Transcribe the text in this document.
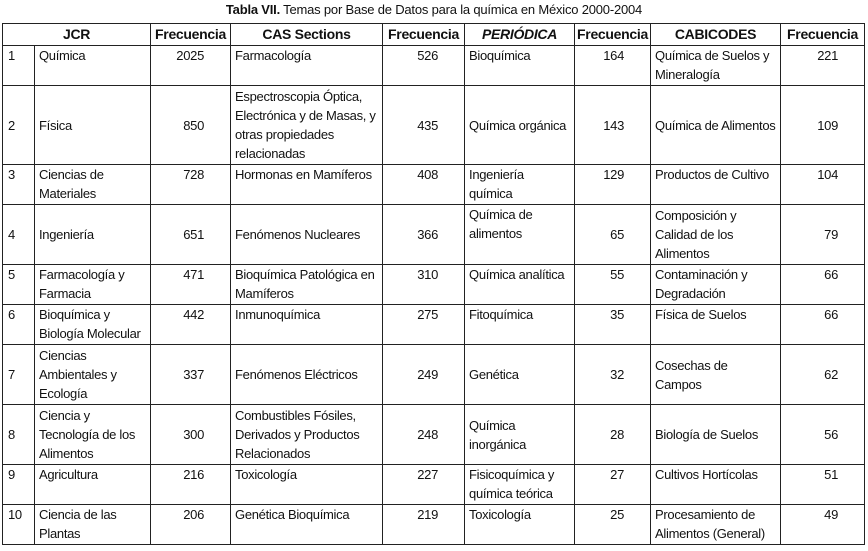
Tabla VII. Temas por Base de Datos para la química en México 2000-2004
JCR		Frecuencia	CAS Sections	Frecuencia	PERIÓDICA	Frecuencia	CABICODES	Frecuencia
1	Química	2025	Farmacología	526	Bioquímica	164	Química de Suelos y Mineralogía	221
2	Física	850	Espectroscopia Óptica, Electrónica y de Masas, y otras propiedades relacionadas	435	Química orgánica	143	Química de Alimentos	109
3	Ciencias de Materiales	728	Hormonas en Mamíferos	408	Ingeniería química	129	Productos de Cultivo	104
4	Ingeniería	651	Fenómenos Nucleares	366	Química de alimentos	65	Composición y Calidad de los Alimentos	79
5	Farmacología y Farmacia	471	Bioquímica Patológica en Mamíferos	310	Química analítica	55	Contaminación y Degradación	66
6	Bioquímica y Biología Molecular	442	Inmunoquímica	275	Fitoquímica	35	Física de Suelos	66
7	Ciencias Ambientales y Ecología	337	Fenómenos Eléctricos	249	Genética	32	Cosechas de Campos	62
8	Ciencia y Tecnología de los Alimentos	300	Combustibles Fósiles, Derivados y Productos Relacionados	248	Química inorgánica	28	Biología de Suelos	56
9	Agricultura	216	Toxicología	227	Fisicoquímica y química teórica	27	Cultivos Hortícolas	51
10	Ciencia de las Plantas	206	Genética Bioquímica	219	Toxicología	25	Procesamiento de Alimentos (General)	49
